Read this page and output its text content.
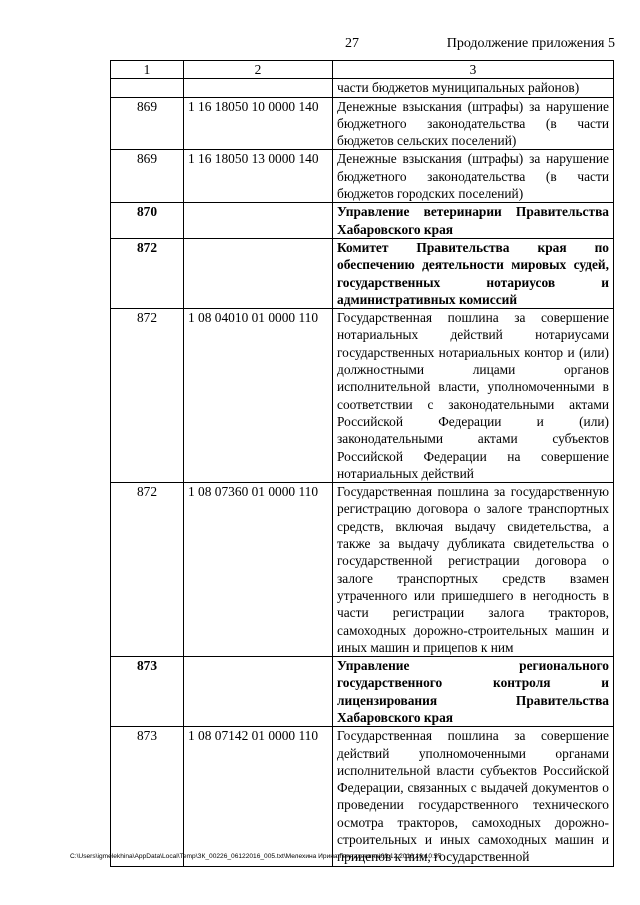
27	Продолжение приложения 5
1	2	3
		части бюджетов муниципальных районов)
869	1 16 18050 10 0000 140	Денежные взыскания (штрафы) за нарушение бюджетного законодательства (в части бюджетов сельских поселений)
869	1 16 18050 13 0000 140	Денежные взыскания (штрафы) за нарушение бюджетного законодательства (в части бюджетов городских поселений)
870		Управление ветеринарии Правительства Хабаровского края
872		Комитет Правительства края по обеспечению деятельности мировых судей, государственных нотариусов и административных комиссий
872	1 08 04010 01 0000 110	Государственная пошлина за совершение нотариальных действий нотариусами государственных нотариальных контор и (или) должностными лицами органов исполнительной власти, уполномоченными в соответствии с законодательными актами Российской Федерации и (или) законодательными актами субъектов Российской Федерации на совершение нотариальных действий
872	1 08 07360 01 0000 110	Государственная пошлина за государственную регистрацию договора о залоге транспортных средств, включая выдачу свидетельства, а также за выдачу дубликата свидетельства о государственной регистрации договора о залоге транспортных средств взамен утраченного или пришедшего в негодность в части регистрации залога тракторов, самоходных дорожно-строительных машин и иных машин и прицепов к ним
873		Управление регионального государственного контроля и лицензирования Правительства Хабаровского края
873	1 08 07142 01 0000 110	Государственная пошлина за совершение действий уполномоченными органами исполнительной власти субъектов Российской Федерации, связанных с выдачей документов о проведении государственного технического осмотра тракторов, самоходных дорожно-строительных и иных самоходных машин и прицепов к ним, государственной
C:\Users\igmelekhina\AppData\Local\Temp\ЗК_00226_06122016_005.txt\Мелехина Ирина Геннадьевна\09.12.2016 10:10:57
